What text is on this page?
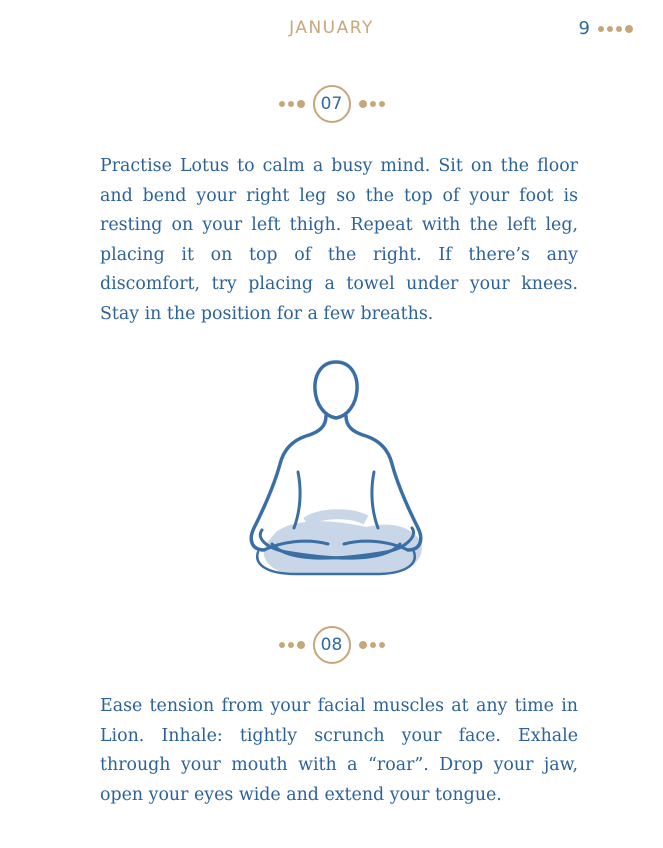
JANUARY	9
07

Practise Lotus to calm a busy mind. Sit on the floor and bend your right leg so the top of your foot is resting on your left thigh. Repeat with the left leg, placing it on top of the right. If there’s any discomfort, try placing a towel under your knees. Stay in the position for a few breaths.

08

Ease tension from your facial muscles at any time in Lion. Inhale: tightly scrunch your face. Exhale through your mouth with a “roar”. Drop your jaw, open your eyes wide and extend your tongue.
